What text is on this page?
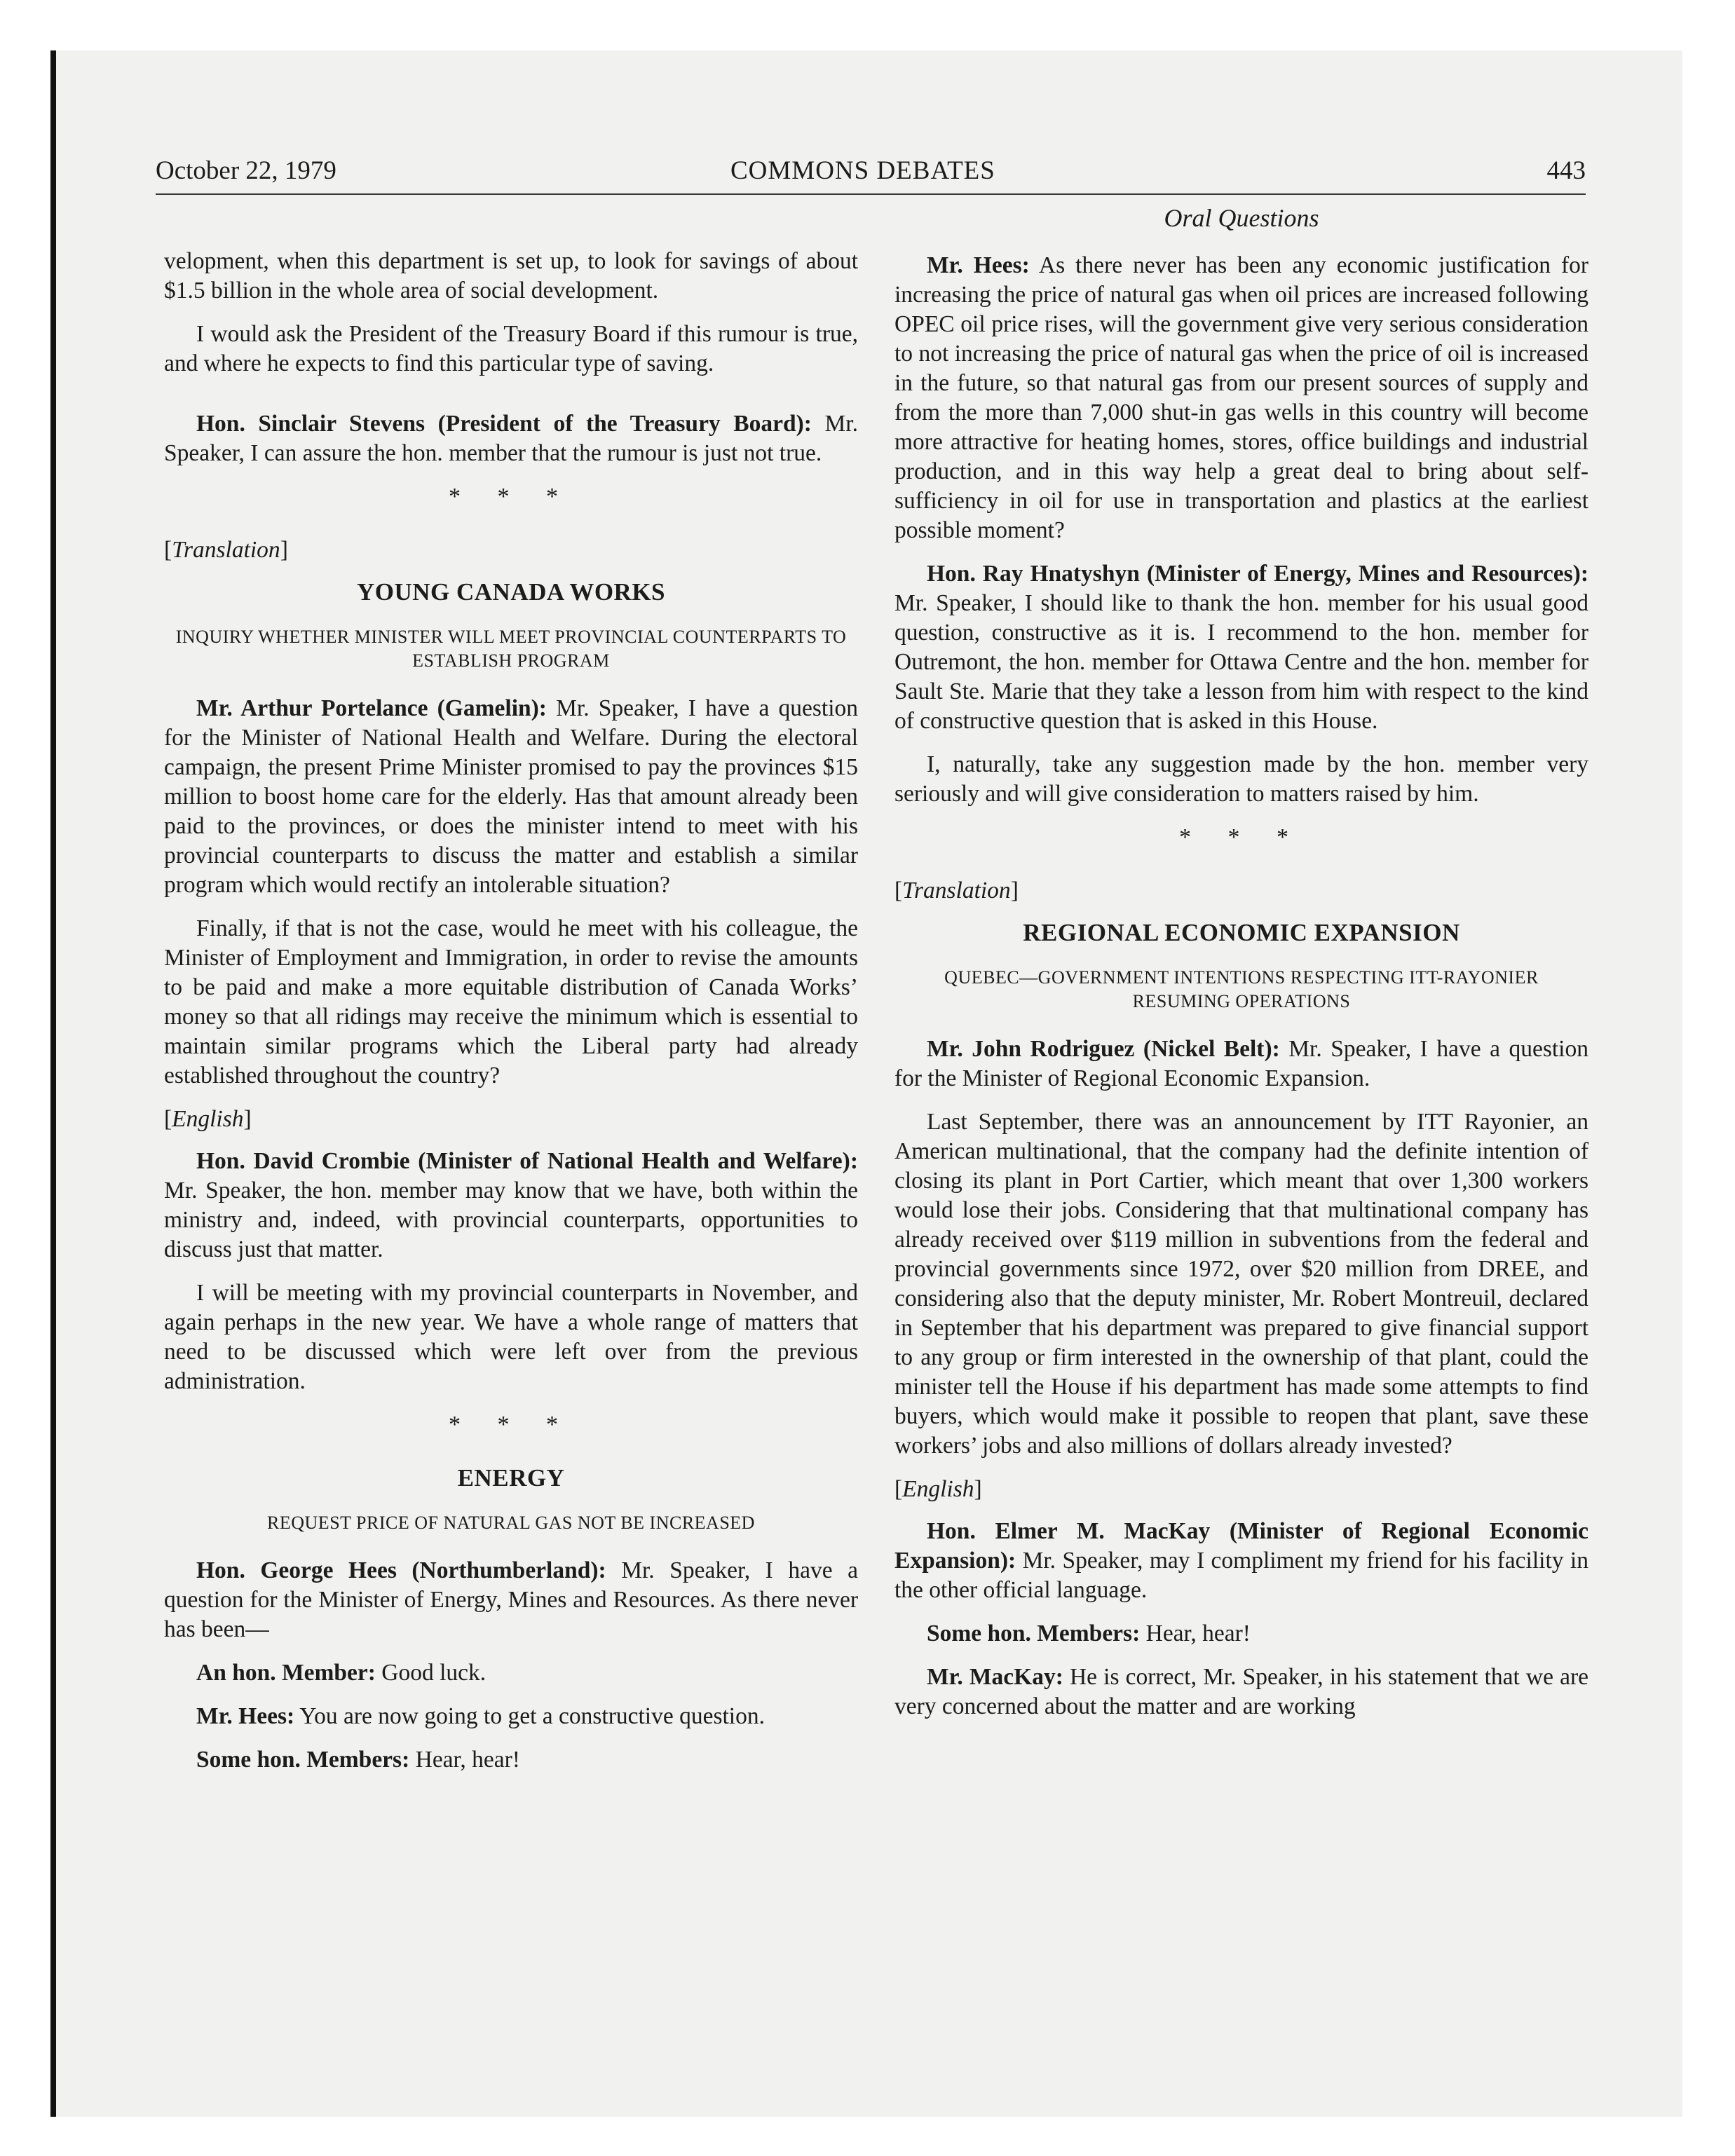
October 22, 1979	COMMONS DEBATES	443

velopment, when this department is set up, to look for savings of about $1.5 billion in the whole area of social development.

I would ask the President of the Treasury Board if this rumour is true, and where he expects to find this particular type of saving.

Hon. Sinclair Stevens (President of the Treasury Board): Mr. Speaker, I can assure the hon. member that the rumour is just not true.

* * *
[Translation]
YOUNG CANADA WORKS
INQUIRY WHETHER MINISTER WILL MEET PROVINCIAL COUNTERPARTS TO ESTABLISH PROGRAM

Mr. Arthur Portelance (Gamelin): Mr. Speaker, I have a question for the Minister of National Health and Welfare. During the electoral campaign, the present Prime Minister promised to pay the provinces $15 million to boost home care for the elderly. Has that amount already been paid to the provinces, or does the minister intend to meet with his provincial counterparts to discuss the matter and establish a similar program which would rectify an intolerable situation?

Finally, if that is not the case, would he meet with his colleague, the Minister of Employment and Immigration, in order to revise the amounts to be paid and make a more equitable distribution of Canada Works’ money so that all ridings may receive the minimum which is essential to maintain similar programs which the Liberal party had already established throughout the country?

[English]

Hon. David Crombie (Minister of National Health and Welfare): Mr. Speaker, the hon. member may know that we have, both within the ministry and, indeed, with provincial counterparts, opportunities to discuss just that matter.

I will be meeting with my provincial counterparts in November, and again perhaps in the new year. We have a whole range of matters that need to be discussed which were left over from the previous administration.

* * *
ENERGY
REQUEST PRICE OF NATURAL GAS NOT BE INCREASED

Hon. George Hees (Northumberland): Mr. Speaker, I have a question for the Minister of Energy, Mines and Resources. As there never has been—

An hon. Member: Good luck.

Mr. Hees: You are now going to get a constructive question.

Some hon. Members: Hear, hear!

Oral Questions

Mr. Hees: As there never has been any economic justification for increasing the price of natural gas when oil prices are increased following OPEC oil price rises, will the government give very serious consideration to not increasing the price of natural gas when the price of oil is increased in the future, so that natural gas from our present sources of supply and from the more than 7,000 shut-in gas wells in this country will become more attractive for heating homes, stores, office buildings and industrial production, and in this way help a great deal to bring about self-sufficiency in oil for use in transportation and plastics at the earliest possible moment?

Hon. Ray Hnatyshyn (Minister of Energy, Mines and Resources): Mr. Speaker, I should like to thank the hon. member for his usual good question, constructive as it is. I recommend to the hon. member for Outremont, the hon. member for Ottawa Centre and the hon. member for Sault Ste. Marie that they take a lesson from him with respect to the kind of constructive question that is asked in this House.

I, naturally, take any suggestion made by the hon. member very seriously and will give consideration to matters raised by him.

* * *
[Translation]
REGIONAL ECONOMIC EXPANSION
QUEBEC—GOVERNMENT INTENTIONS RESPECTING ITT-RAYONIER RESUMING OPERATIONS

Mr. John Rodriguez (Nickel Belt): Mr. Speaker, I have a question for the Minister of Regional Economic Expansion.

Last September, there was an announcement by ITT Rayonier, an American multinational, that the company had the definite intention of closing its plant in Port Cartier, which meant that over 1,300 workers would lose their jobs. Considering that that multinational company has already received over $119 million in subventions from the federal and provincial governments since 1972, over $20 million from DREE, and considering also that the deputy minister, Mr. Robert Montreuil, declared in September that his department was prepared to give financial support to any group or firm interested in the ownership of that plant, could the minister tell the House if his department has made some attempts to find buyers, which would make it possible to reopen that plant, save these workers’ jobs and also millions of dollars already invested?

[English]

Hon. Elmer M. MacKay (Minister of Regional Economic Expansion): Mr. Speaker, may I compliment my friend for his facility in the other official language.

Some hon. Members: Hear, hear!

Mr. MacKay: He is correct, Mr. Speaker, in his statement that we are very concerned about the matter and are working
